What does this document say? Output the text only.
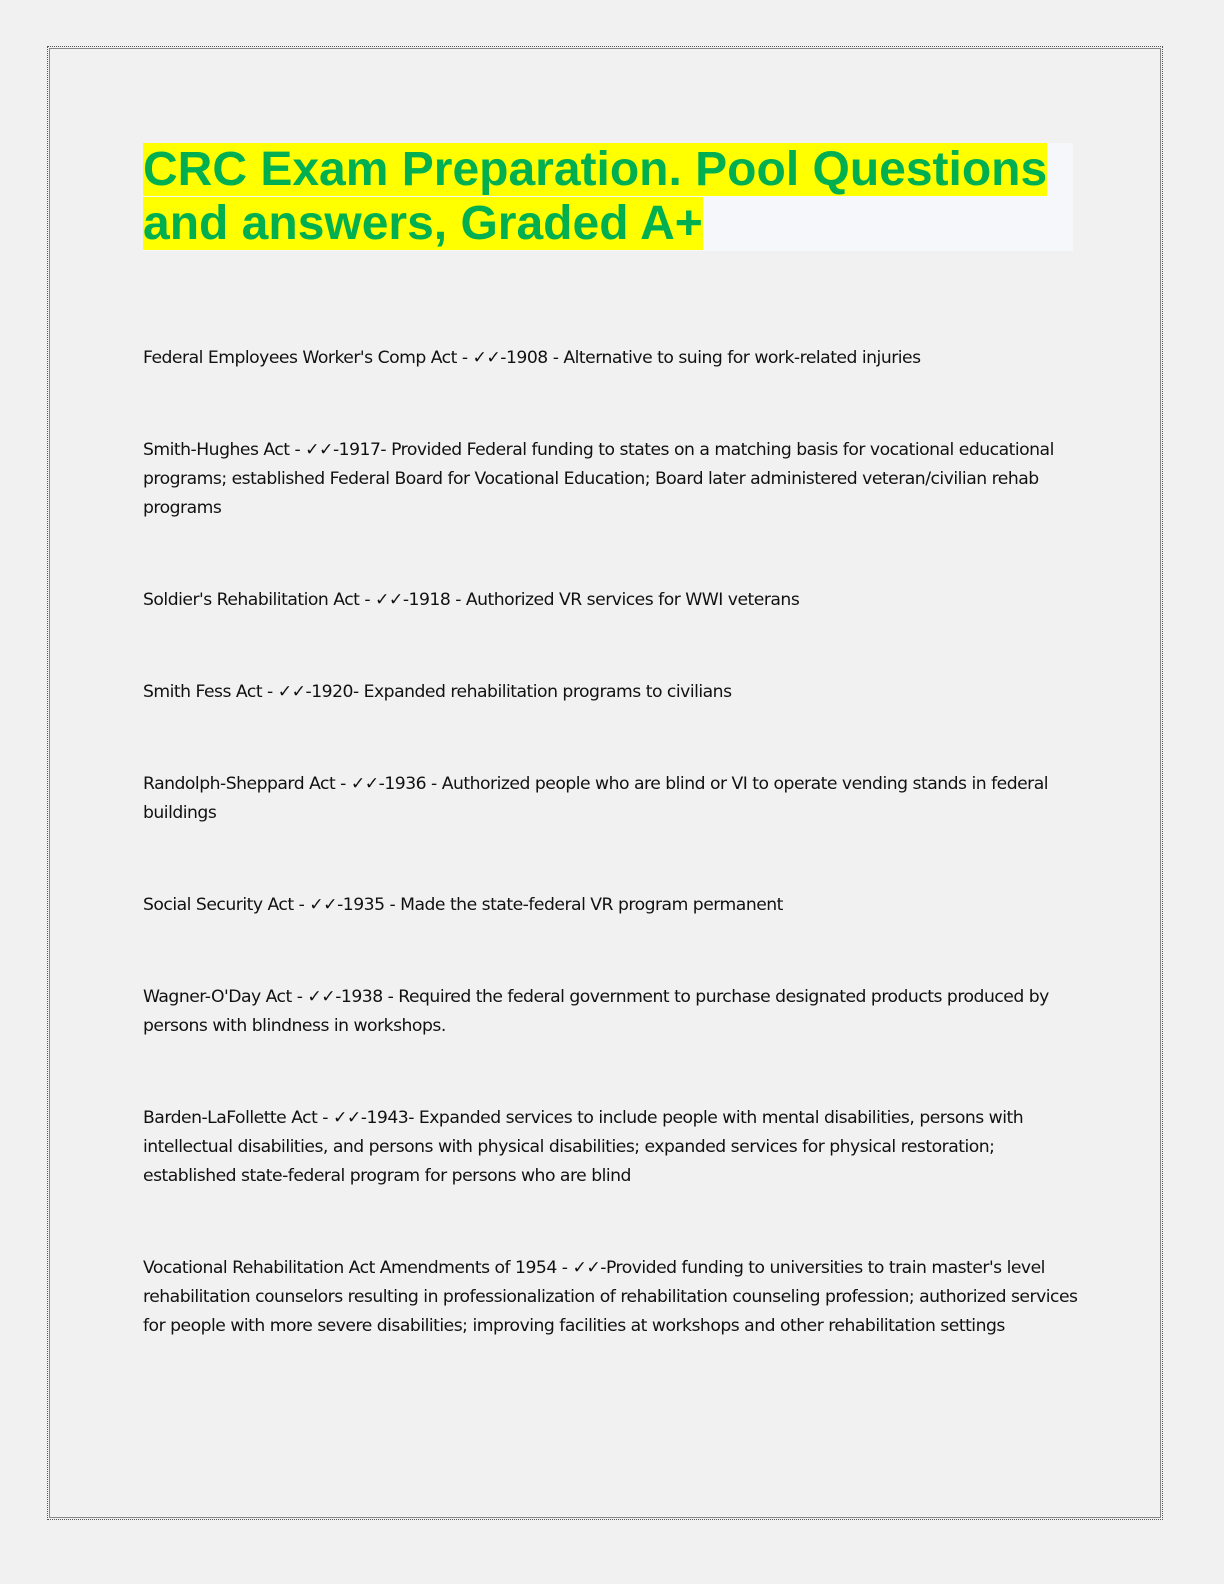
CRC Exam Preparation. Pool Questions
and answers, Graded A+

Federal Employees Worker's Comp Act - ✓✓-1908 - Alternative to suing for work-related injuries

Smith-Hughes Act - ✓✓-1917- Provided Federal funding to states on a matching basis for vocational educational programs; established Federal Board for Vocational Education; Board later administered veteran/civilian rehab programs

Soldier's Rehabilitation Act - ✓✓-1918 - Authorized VR services for WWI veterans

Smith Fess Act - ✓✓-1920- Expanded rehabilitation programs to civilians

Randolph-Sheppard Act - ✓✓-1936 - Authorized people who are blind or VI to operate vending stands in federal buildings

Social Security Act - ✓✓-1935 - Made the state-federal VR program permanent

Wagner-O'Day Act - ✓✓-1938 - Required the federal government to purchase designated products produced by persons with blindness in workshops.

Barden-LaFollette Act - ✓✓-1943- Expanded services to include people with mental disabilities, persons with intellectual disabilities, and persons with physical disabilities; expanded services for physical restoration; established state-federal program for persons who are blind

Vocational Rehabilitation Act Amendments of 1954 - ✓✓-Provided funding to universities to train master's level rehabilitation counselors resulting in professionalization of rehabilitation counseling profession; authorized services for people with more severe disabilities; improving facilities at workshops and other rehabilitation settings
